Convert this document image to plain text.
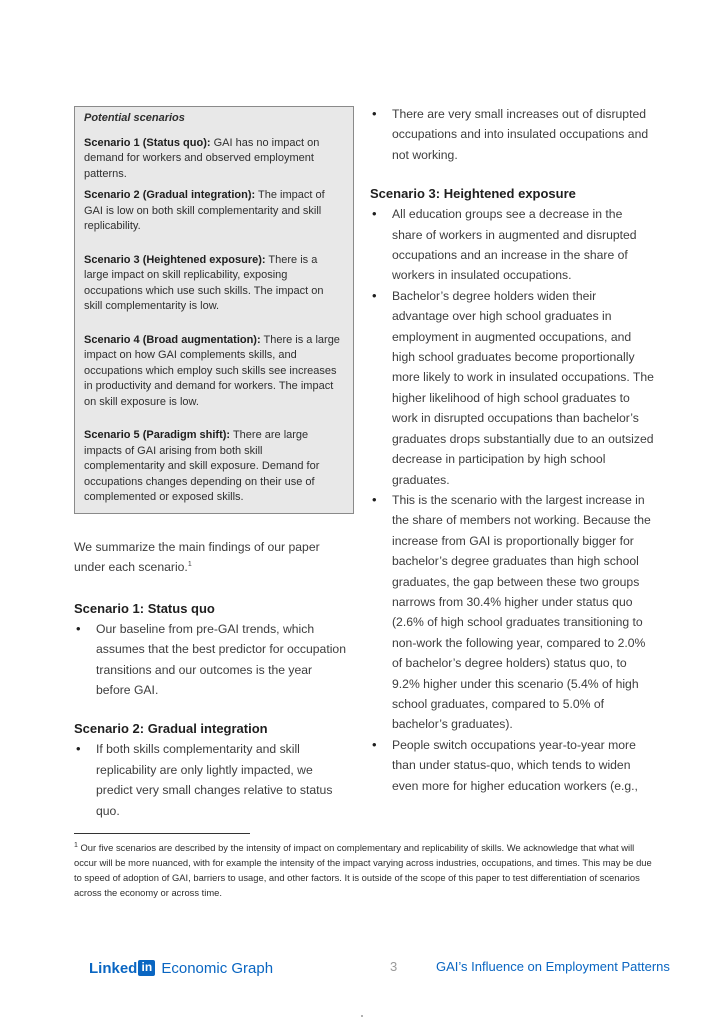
Potential scenarios

Scenario 1 (Status quo): GAI has no impact on demand for workers and observed employment patterns.

Scenario 2 (Gradual integration): The impact of GAI is low on both skill complementarity and skill replicability.

Scenario 3 (Heightened exposure): There is a large impact on skill replicability, exposing occupations which use such skills. The impact on skill complementarity is low.

Scenario 4 (Broad augmentation): There is a large impact on how GAI complements skills, and occupations which employ such skills see increases in productivity and demand for workers. The impact on skill exposure is low.

Scenario 5 (Paradigm shift): There are large impacts of GAI arising from both skill complementarity and skill exposure. Demand for occupations changes depending on their use of complemented or exposed skills.

We summarize the main findings of our paper under each scenario.$^1$

Scenario 1: Status quo
• Our baseline from pre-GAI trends, which assumes that the best predictor for occupation transitions and our outcomes is the year before GAI.
Scenario 2: Gradual integration
• If both skills complementarity and skill replicability are only lightly impacted, we predict very small changes relative to status quo.
• There are very small increases out of disrupted occupations and into insulated occupations and not working.
Scenario 3: Heightened exposure
• All education groups see a decrease in the share of workers in augmented and disrupted occupations and an increase in the share of workers in insulated occupations.
• Bachelor’s degree holders widen their advantage over high school graduates in employment in augmented occupations, and high school graduates become proportionally more likely to work in insulated occupations. The higher likelihood of high school graduates to work in disrupted occupations than bachelor’s graduates drops substantially due to an outsized decrease in participation by high school graduates.
• This is the scenario with the largest increase in the share of members not working. Because the increase from GAI is proportionally bigger for bachelor’s degree graduates than high school graduates, the gap between these two groups narrows from 30.4% higher under status quo (2.6% of high school graduates transitioning to non-work the following year, compared to 2.0% of bachelor’s degree holders) status quo, to 9.2% higher under this scenario (5.4% of high school graduates, compared to 5.0% of bachelor’s graduates).
• People switch occupations year-to-year more than under status-quo, which tends to widen even more for higher education workers (e.g.,
$^1$ Our five scenarios are described by the intensity of impact on complementary and replicability of skills. We acknowledge that what will occur will be more nuanced, with for example the intensity of the impact varying across industries, occupations, and times. This may be due to speed of adoption of GAI, barriers to usage, and other factors. It is outside of the scope of this paper to test differentiation of scenarios across the economy or across time.
Linked in Economic Graph	3	GAI’s Influence on Employment Patterns
